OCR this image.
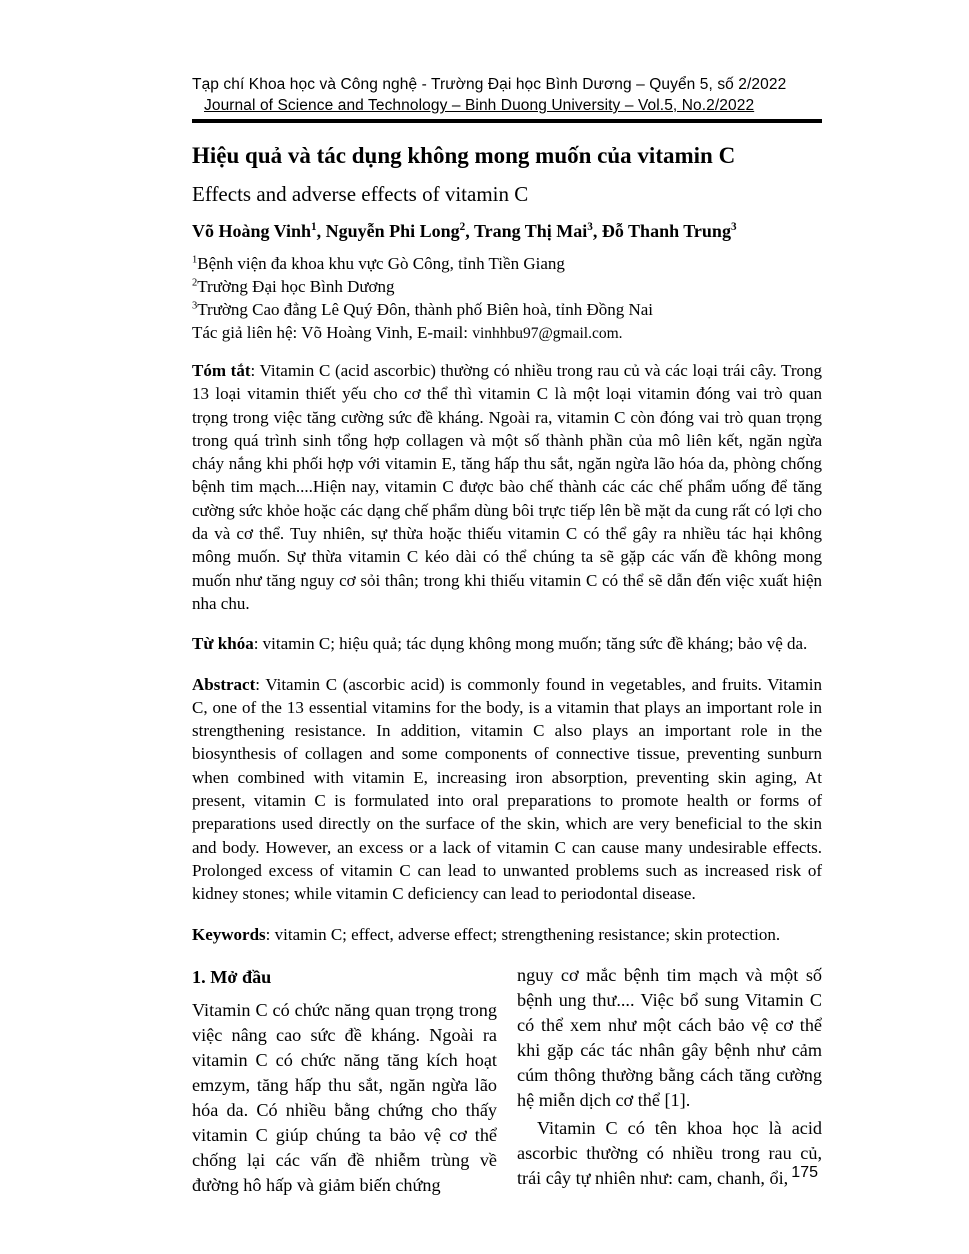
Tạp chí Khoa học và Công nghệ - Trường Đại học Bình Dương – Quyển 5, số 2/2022
Journal of Science and Technology – Binh Duong University – Vol.5, No.2/2022
Hiệu quả và tác dụng không mong muốn của vitamin C
Effects and adverse effects of vitamin C
Võ Hoàng Vinh$^1$, Nguyễn Phi Long$^2$, Trang Thị Mai$^3$, Đỗ Thanh Trung$^3$
$^1$Bệnh viện đa khoa khu vực Gò Công, tỉnh Tiền Giang
$^2$Trường Đại học Bình Dương
$^3$Trường Cao đẳng Lê Quý Đôn, thành phố Biên hoà, tỉnh Đồng Nai
Tác giả liên hệ: Võ Hoàng Vinh, E-mail: vinhhbu97@gmail.com.

Tóm tắt: Vitamin C (acid ascorbic) thường có nhiều trong rau củ và các loại trái cây. Trong 13 loại vitamin thiết yếu cho cơ thể thì vitamin C là một loại vitamin đóng vai trò quan trọng trong việc tăng cường sức đề kháng. Ngoài ra, vitamin C còn đóng vai trò quan trọng trong quá trình sinh tổng hợp collagen và một số thành phần của mô liên kết, ngăn ngừa cháy nắng khi phối hợp với vitamin E, tăng hấp thu sắt, ngăn ngừa lão hóa da, phòng chống bệnh tim mạch....Hiện nay, vitamin C được bào chế thành các các chế phẩm uống để tăng cường sức khỏe hoặc các dạng chế phẩm dùng bôi trực tiếp lên bề mặt da cung rất có lợi cho da và cơ thể. Tuy nhiên, sự thừa hoặc thiếu vitamin C có thể gây ra nhiều tác hại không mông muốn. Sự thừa vitamin C kéo dài có thể chúng ta sẽ gặp các vấn đề không mong muốn như tăng nguy cơ sỏi thân; trong khi thiếu vitamin C có thể sẽ dẫn đến việc xuất hiện nha chu.

Từ khóa: vitamin C; hiệu quả; tác dụng không mong muốn; tăng sức đề kháng; bảo vệ da.

Abstract: Vitamin C (ascorbic acid) is commonly found in vegetables, and fruits. Vitamin C, one of the 13 essential vitamins for the body, is a vitamin that plays an important role in strengthening resistance. In addition, vitamin C also plays an important role in the biosynthesis of collagen and some components of connective tissue, preventing sunburn when combined with vitamin E, increasing iron absorption, preventing skin aging, At present, vitamin C is formulated into oral preparations to promote health or forms of preparations used directly on the surface of the skin, which are very beneficial to the skin and body. However, an excess or a lack of vitamin C can cause many undesirable effects. Prolonged excess of vitamin C can lead to unwanted problems such as increased risk of kidney stones; while vitamin C deficiency can lead to periodontal disease.

Keywords: vitamin C; effect, adverse effect; strengthening resistance; skin protection.

1. Mở đầu

Vitamin C có chức năng quan trọng trong việc nâng cao sức đề kháng. Ngoài ra vitamin C có chức năng tăng kích hoạt emzym, tăng hấp thu sắt, ngăn ngừa lão hóa da. Có nhiều bằng chứng cho thấy vitamin C giúp chúng ta bảo vệ cơ thể chống lại các vấn đề nhiễm trùng về đường hô hấp và giảm biến chứng

nguy cơ mắc bệnh tim mạch và một số bệnh ung thư.... Việc bổ sung Vitamin C có thể xem như một cách bảo vệ cơ thể khi gặp các tác nhân gây bệnh như cảm cúm thông thường bằng cách tăng cường hệ miễn dịch cơ thể [1].

Vitamin C có tên khoa học là acid ascorbic thường có nhiều trong rau củ, trái cây tự nhiên như: cam, chanh, ổi, 175
